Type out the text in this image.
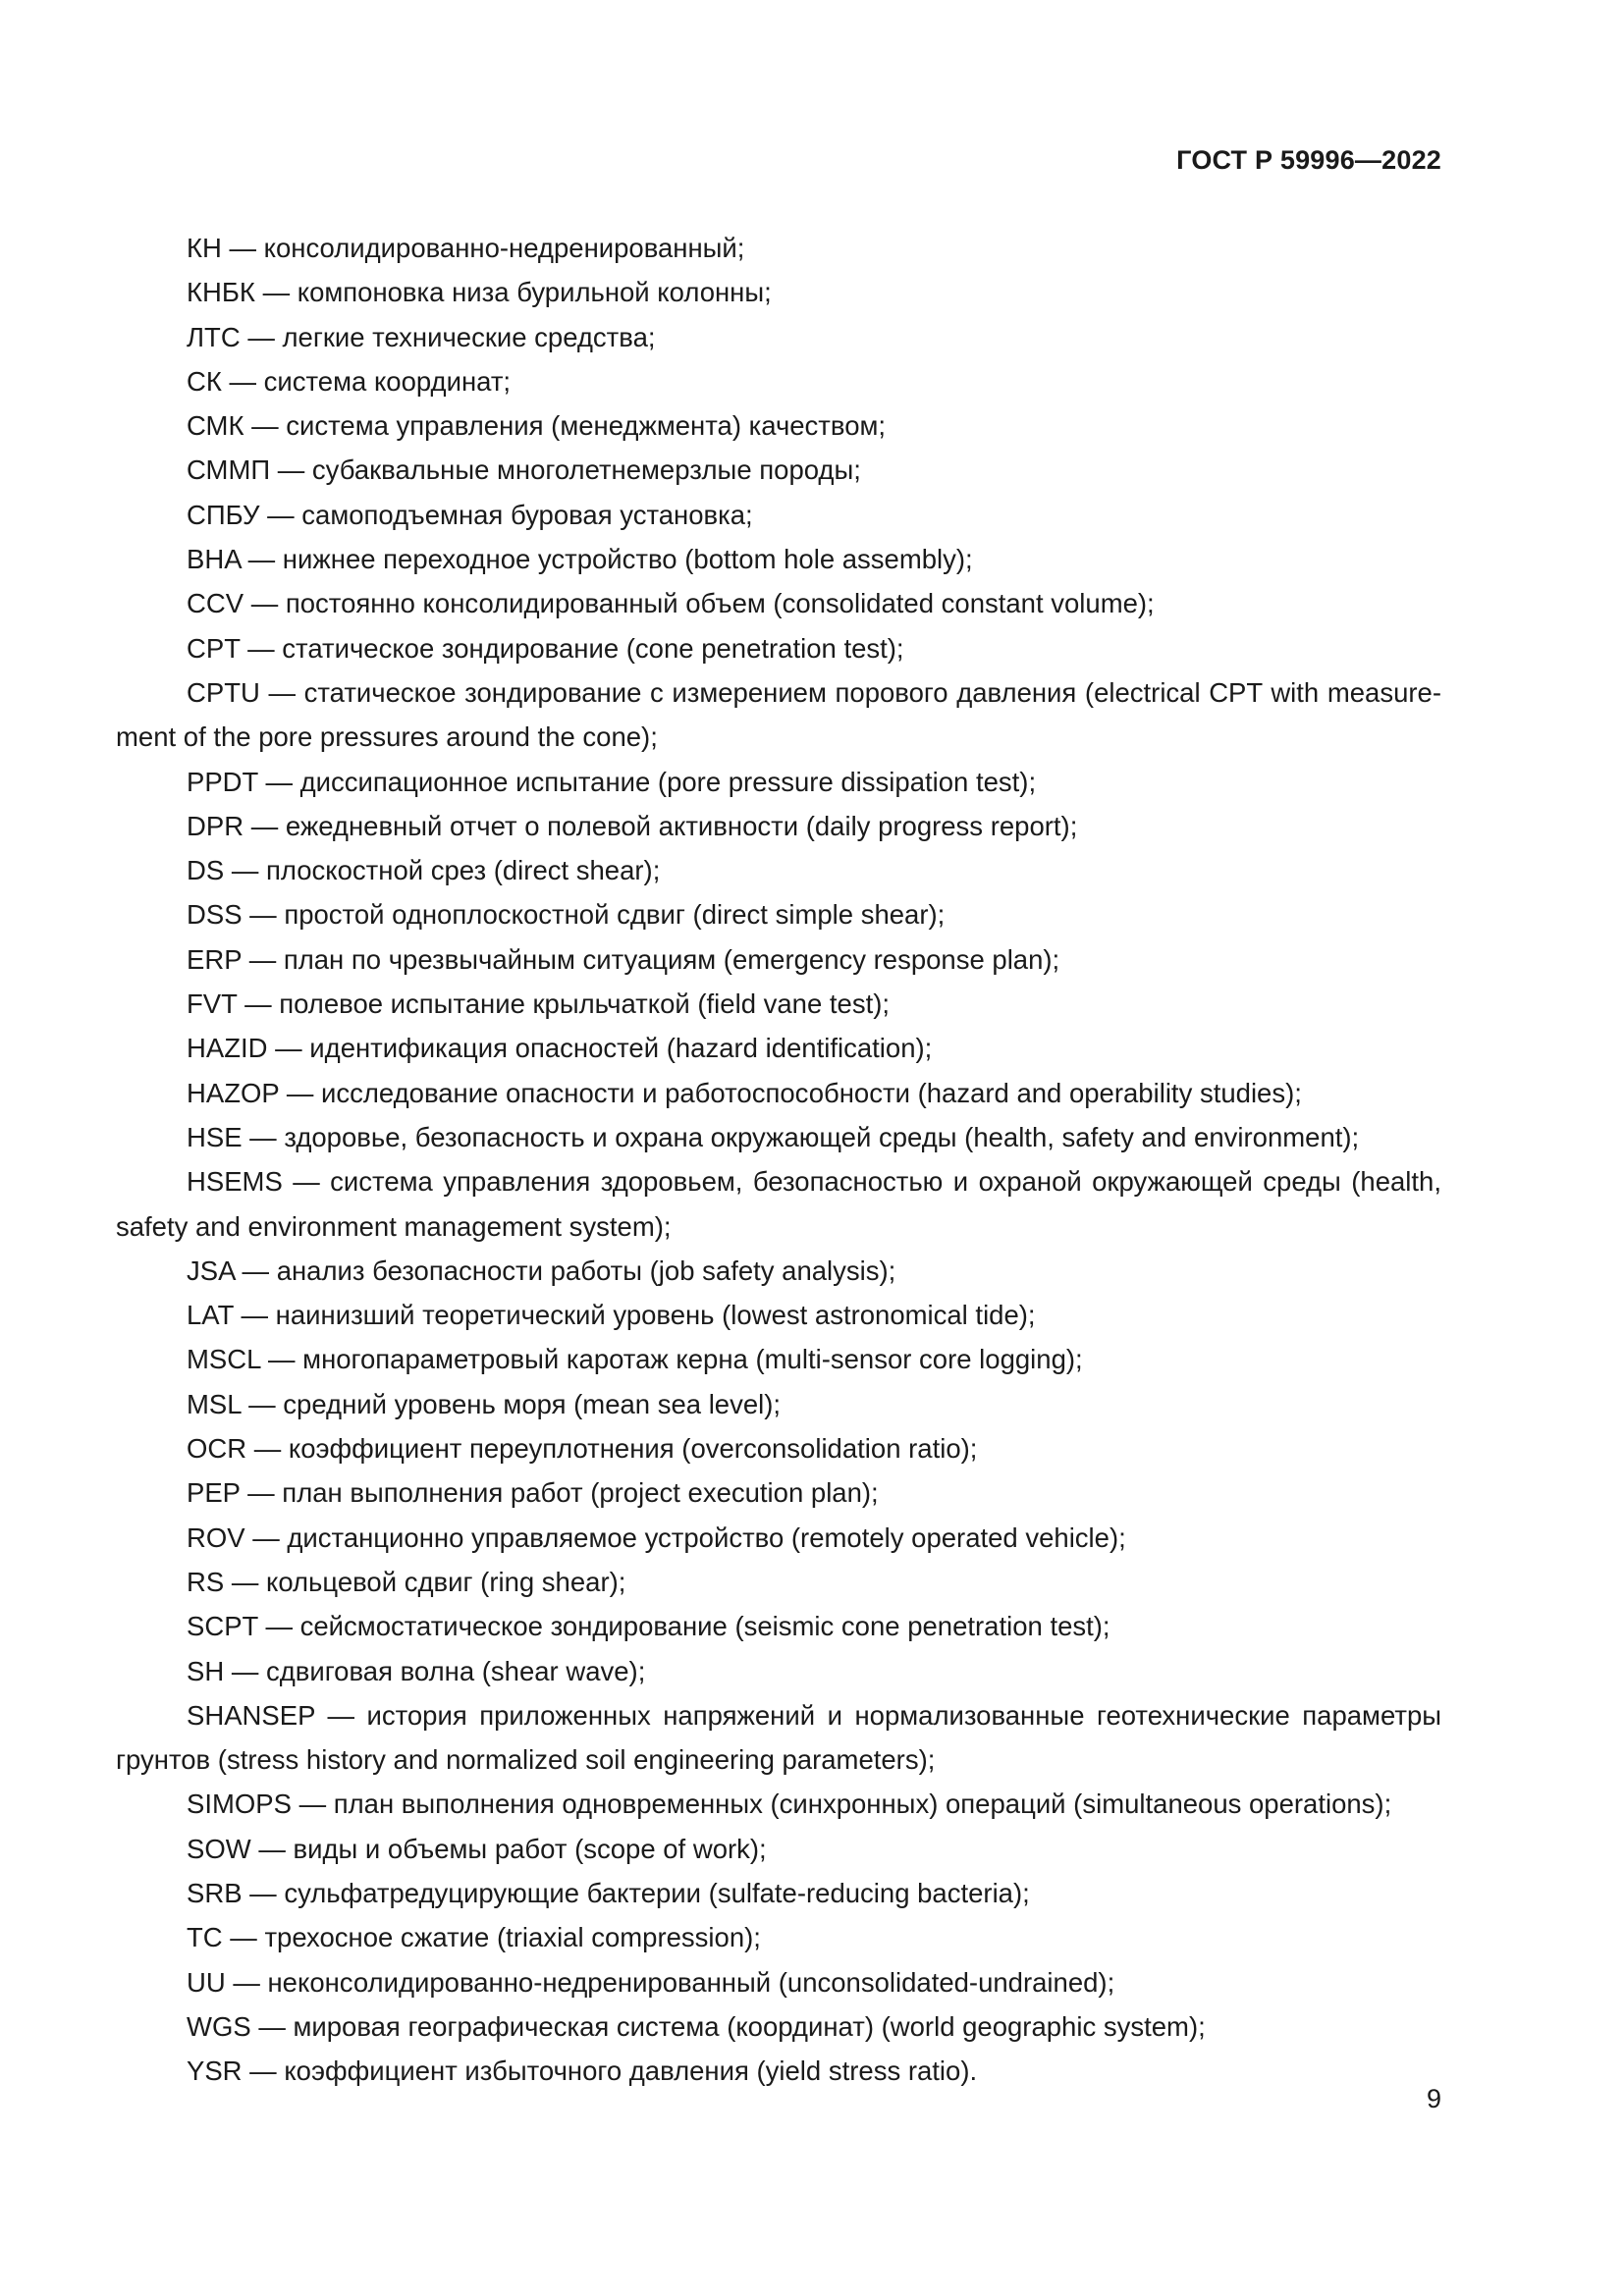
ГОСТ Р 59996—2022

КН — консолидированно-недренированный;

КНБК — компоновка низа бурильной колонны;

ЛТС — легкие технические средства;

СК — система координат;

СМК — система управления (менеджмента) качеством;

СММП — субаквальные многолетнемерзлые породы;

СПБУ — самоподъемная буровая установка;

BHA — нижнее переходное устройство (bottom hole assembly);

CCV — постоянно консолидированный объем (consolidated constant volume);

CPT — статическое зондирование (cone penetration test);

CPTU — статическое зондирование с измерением порового давления (electrical CPT with measure-ment of the pore pressures around the cone);

PPDT — диссипационное испытание (pore pressure dissipation test);

DPR — ежедневный отчет о полевой активности (daily progress report);

DS — плоскостной срез (direct shear);

DSS — простой одноплоскостной сдвиг (direct simple shear);

ERP — план по чрезвычайным ситуациям (emergency response plan);

FVT — полевое испытание крыльчаткой (field vane test);

HAZID — идентификация опасностей (hazard identification);

HAZOP — исследование опасности и работоспособности (hazard and operability studies);

HSE — здоровье, безопасность и охрана окружающей среды (health, safety and environment);

HSEMS — система управления здоровьем, безопасностью и охраной окружающей среды (health, safety and environment management system);

JSA — анализ безопасности работы (job safety analysis);

LAT — наинизший теоретический уровень (lowest astronomical tide);

MSCL — многопараметровый каротаж керна (multi-sensor core logging);

MSL — средний уровень моря (mean sea level);

OCR — коэффициент переуплотнения (overconsolidation ratio);

PEP — план выполнения работ (project execution plan);

ROV — дистанционно управляемое устройство (remotely operated vehicle);

RS — кольцевой сдвиг (ring shear);

SCPT — сейсмостатическое зондирование (seismic cone penetration test);

SH — сдвиговая волна (shear wave);

SHANSEP — история приложенных напряжений и нормализованные геотехнические параметры грунтов (stress history and normalized soil engineering parameters);

SIMOPS — план выполнения одновременных (синхронных) операций (simultaneous operations);

SOW — виды и объемы работ (scope of work);

SRB — сульфатредуцирующие бактерии (sulfate-reducing bacteria);

TC — трехосное сжатие (triaxial compression);

UU — неконсолидированно-недренированный (unconsolidated-undrained);

WGS — мировая географическая система (координат) (world geographic system);

YSR — коэффициент избыточного давления (yield stress ratio).

9
